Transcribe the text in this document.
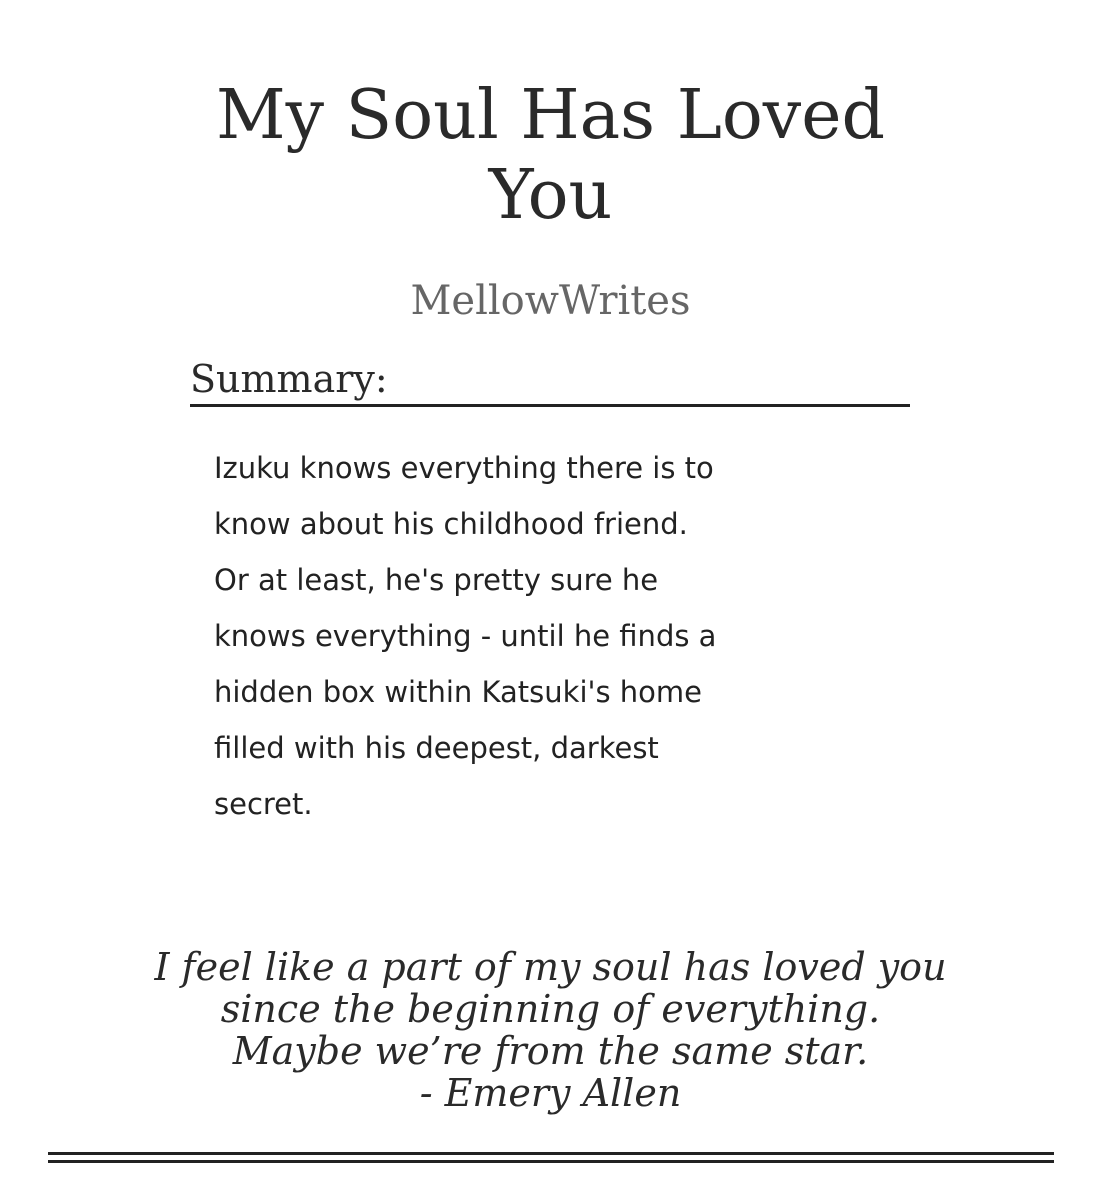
My Soul Has Loved
You
MellowWrites
Summary:
Izuku knows everything there is to
know about his childhood friend.
Or at least, he's pretty sure he
knows everything - until he finds a
hidden box within Katsuki's home
filled with his deepest, darkest
secret.
I feel like a part of my soul has loved you
since the beginning of everything.
Maybe we’re from the same star.
- Emery Allen
